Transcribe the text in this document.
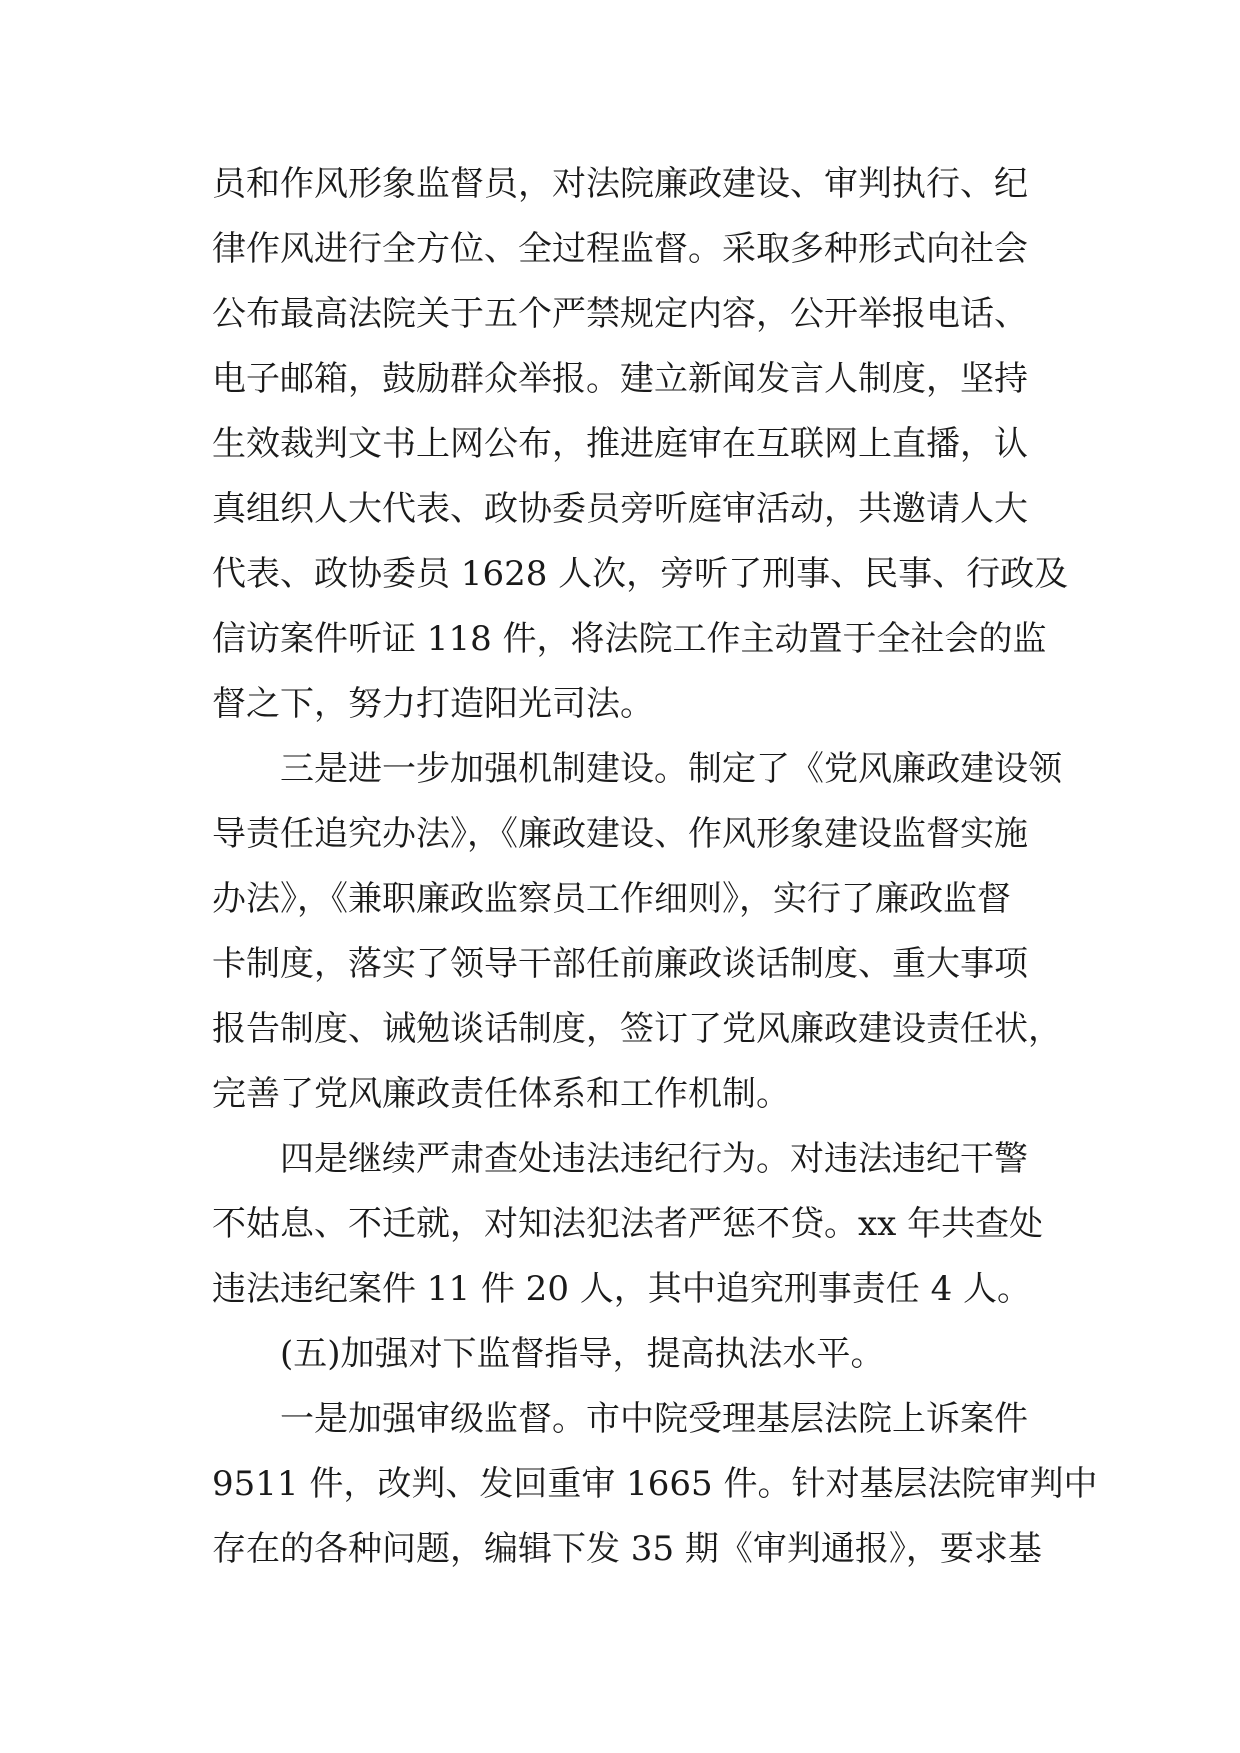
员和作风形象监督员，对法院廉政建设、审判执行、纪

律作风进行全方位、全过程监督。采取多种形式向社会

公布最高法院关于五个严禁规定内容，公开举报电话、

电子邮箱，鼓励群众举报。建立新闻发言人制度，坚持

生效裁判文书上网公布，推进庭审在互联网上直播，认

真组织人大代表、政协委员旁听庭审活动，共邀请人大

代表、政协委员 1628 人次，旁听了刑事、民事、行政及

信访案件听证 118 件，将法院工作主动置于全社会的监

督之下，努力打造阳光司法。

三是进一步加强机制建设。制定了《党风廉政建设领

导责任追究办法》，《廉政建设、作风形象建设监督实施

办法》，《兼职廉政监察员工作细则》，实行了廉政监督

卡制度，落实了领导干部任前廉政谈话制度、重大事项

报告制度、诫勉谈话制度，签订了党风廉政建设责任状，

完善了党风廉政责任体系和工作机制。

四是继续严肃查处违法违纪行为。对违法违纪干警

不姑息、不迁就，对知法犯法者严惩不贷。xx 年共查处

违法违纪案件 11 件 20 人，其中追究刑事责任 4 人。

(五)加强对下监督指导，提高执法水平。

一是加强审级监督。市中院受理基层法院上诉案件

9511 件，改判、发回重审 1665 件。针对基层法院审判中

存在的各种问题，编辑下发 35 期《审判通报》，要求基
